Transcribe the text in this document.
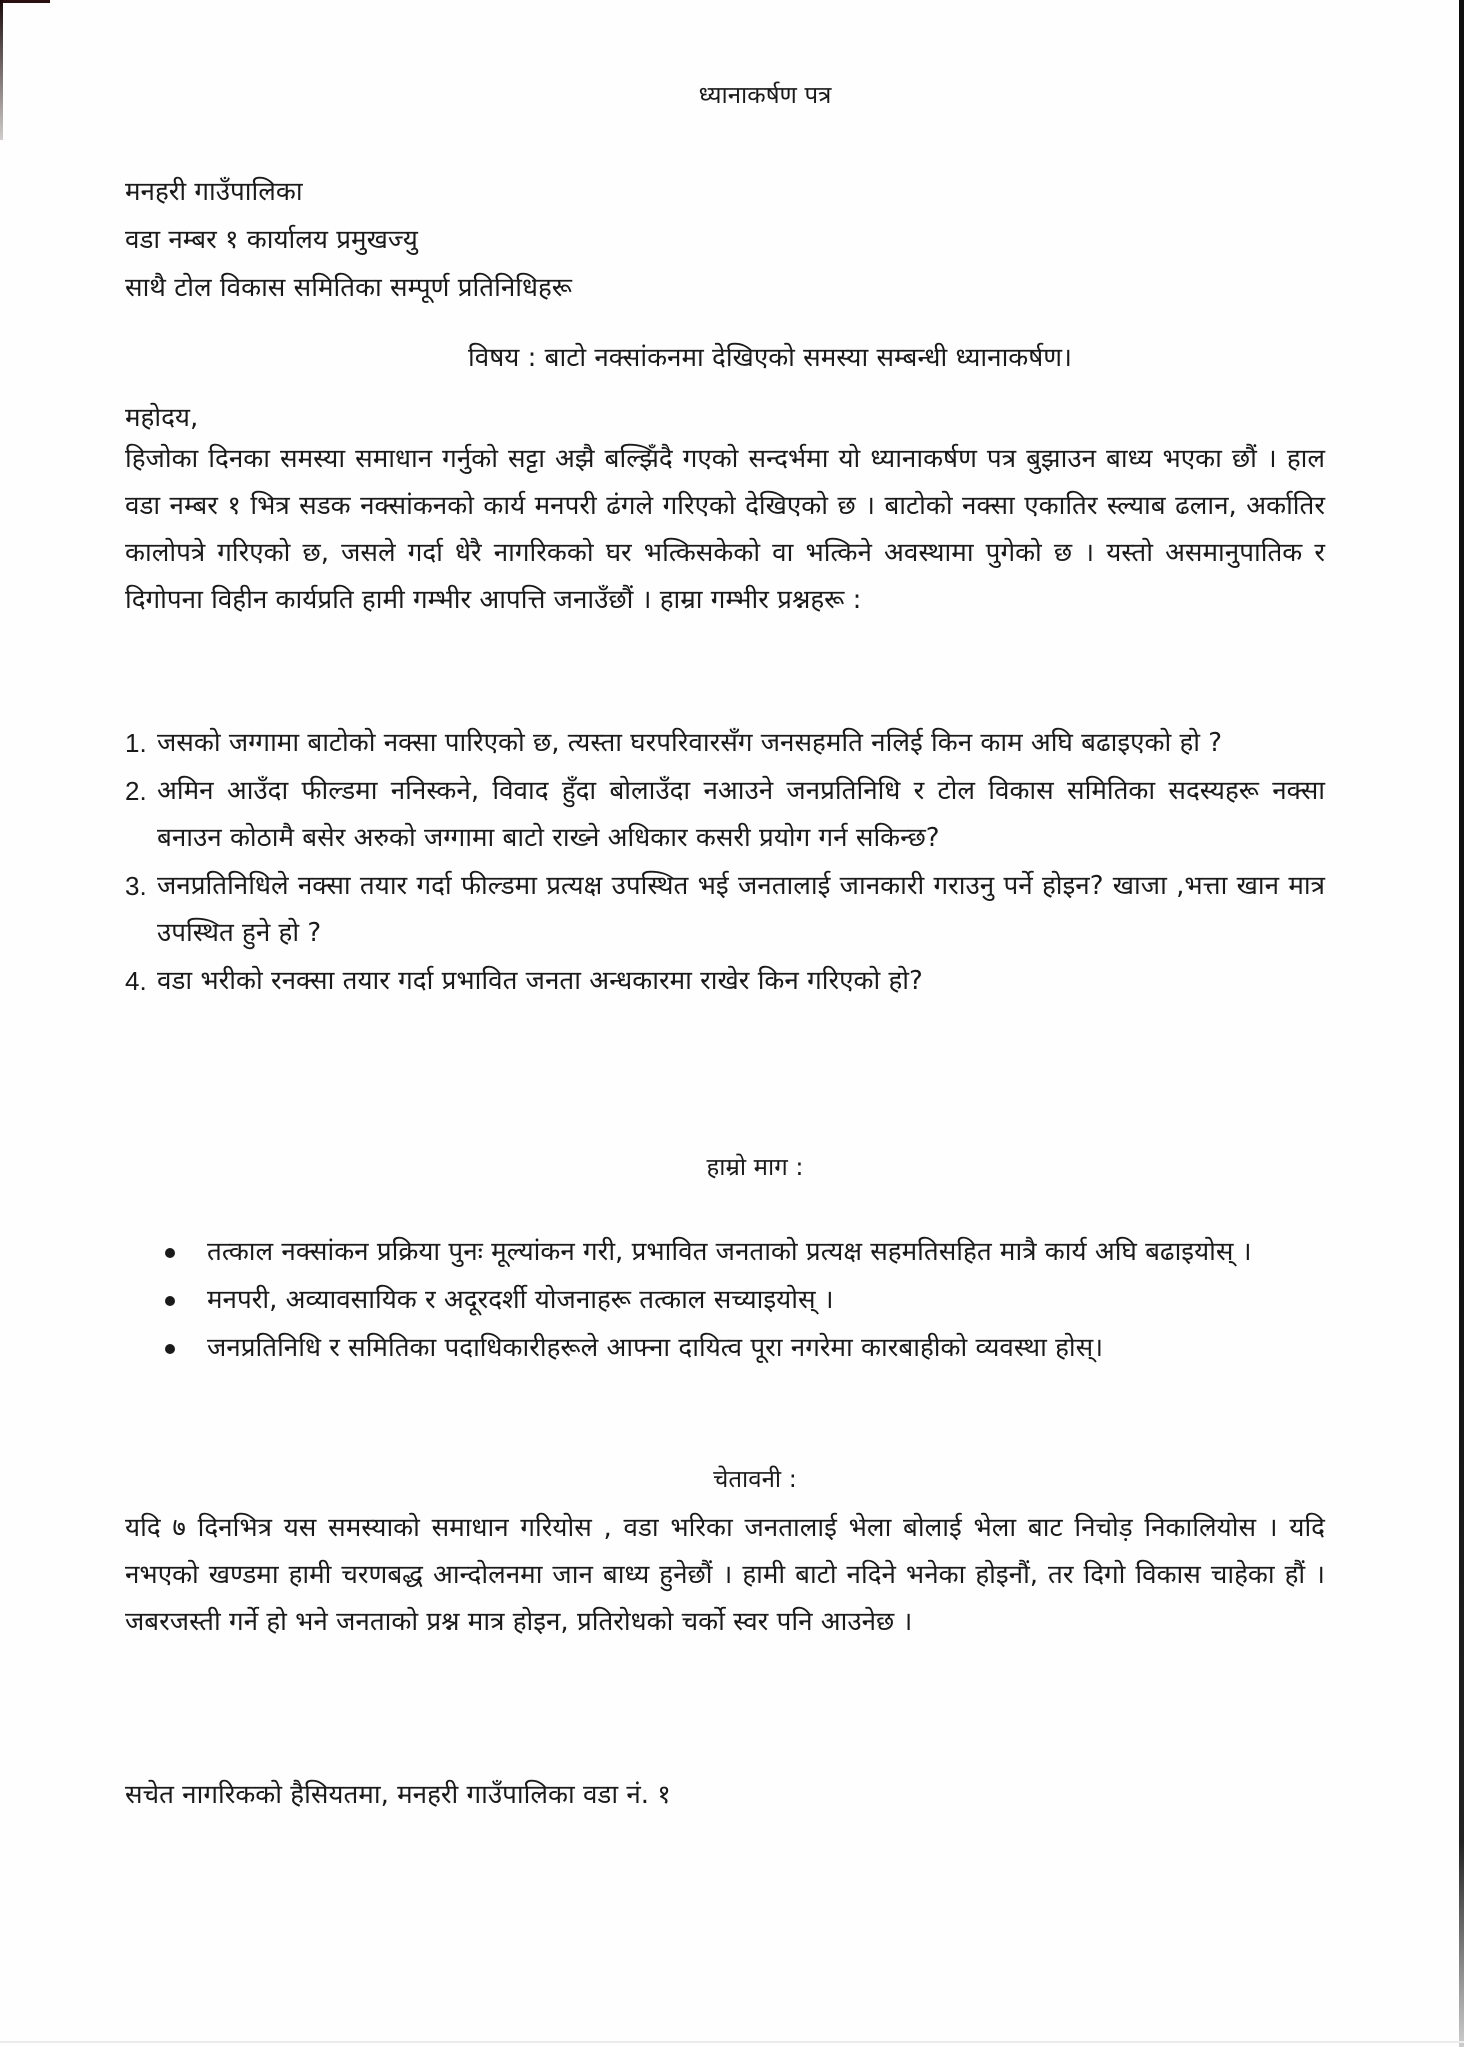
ध्यानाकर्षण पत्र
मनहरी गाउँपालिका
वडा नम्बर १ कार्यालय प्रमुखज्यु
साथै टोल विकास समितिका सम्पूर्ण प्रतिनिधिहरू
विषय : बाटो नक्सांकनमा देखिएको समस्या सम्बन्धी ध्यानाकर्षण।
महोदय,
हिजोका दिनका समस्या समाधान गर्नुको सट्टा अझै बल्झिँदै गएको सन्दर्भमा यो ध्यानाकर्षण पत्र बुझाउन बाध्य भएका छौं । हाल वडा नम्बर १ भित्र सडक नक्सांकनको कार्य मनपरी ढंगले गरिएको देखिएको छ । बाटोको नक्सा एकातिर स्ल्याब ढलान, अर्कातिर कालोपत्रे गरिएको छ, जसले गर्दा धेरै नागरिकको घर भत्किसकेको वा भत्किने अवस्थामा पुगेको छ । यस्तो असमानुपातिक र दिगोपना विहीन कार्यप्रति हामी गम्भीर आपत्ति जनाउँछौं । हाम्रा गम्भीर प्रश्नहरू :
1. जसको जग्गामा बाटोको नक्सा पारिएको छ, त्यस्ता घरपरिवारसँग जनसहमति नलिई किन काम अघि बढाइएको हो ?
2. अमिन आउँदा फील्डमा ननिस्कने, विवाद हुँदा बोलाउँदा नआउने जनप्रतिनिधि र टोल विकास समितिका सदस्यहरू नक्सा बनाउन कोठामै बसेर अरुको जग्गामा बाटो राख्ने अधिकार कसरी प्रयोग गर्न सकिन्छ?
3. जनप्रतिनिधिले नक्सा तयार गर्दा फील्डमा प्रत्यक्ष उपस्थित भई जनतालाई जानकारी गराउनु पर्ने होइन? खाजा ,भत्ता खान मात्र उपस्थित हुने हो ?
4. वडा भरीको रनक्सा तयार गर्दा प्रभावित जनता अन्धकारमा राखेर किन गरिएको हो?
हाम्रो माग :
तत्काल नक्सांकन प्रक्रिया पुनः मूल्यांकन गरी, प्रभावित जनताको प्रत्यक्ष सहमतिसहित मात्रै कार्य अघि बढाइयोस् ।
मनपरी, अव्यावसायिक र अदूरदर्शी योजनाहरू तत्काल सच्याइयोस् ।
जनप्रतिनिधि र समितिका पदाधिकारीहरूले आफ्ना दायित्व पूरा नगरेमा कारबाहीको व्यवस्था होस्।
चेतावनी :
यदि ७ दिनभित्र यस समस्याको समाधान गरियोस , वडा भरिका जनतालाई भेला बोलाई भेला बाट निचोड़ निकालियोस । यदि नभएको खण्डमा हामी चरणबद्ध आन्दोलनमा जान बाध्य हुनेछौं । हामी बाटो नदिने भनेका होइनौं, तर दिगो विकास चाहेका हौं । जबरजस्ती गर्ने हो भने जनताको प्रश्न मात्र होइन, प्रतिरोधको चर्को स्वर पनि आउनेछ ।
सचेत नागरिकको हैसियतमा, मनहरी गाउँपालिका वडा नं. १
